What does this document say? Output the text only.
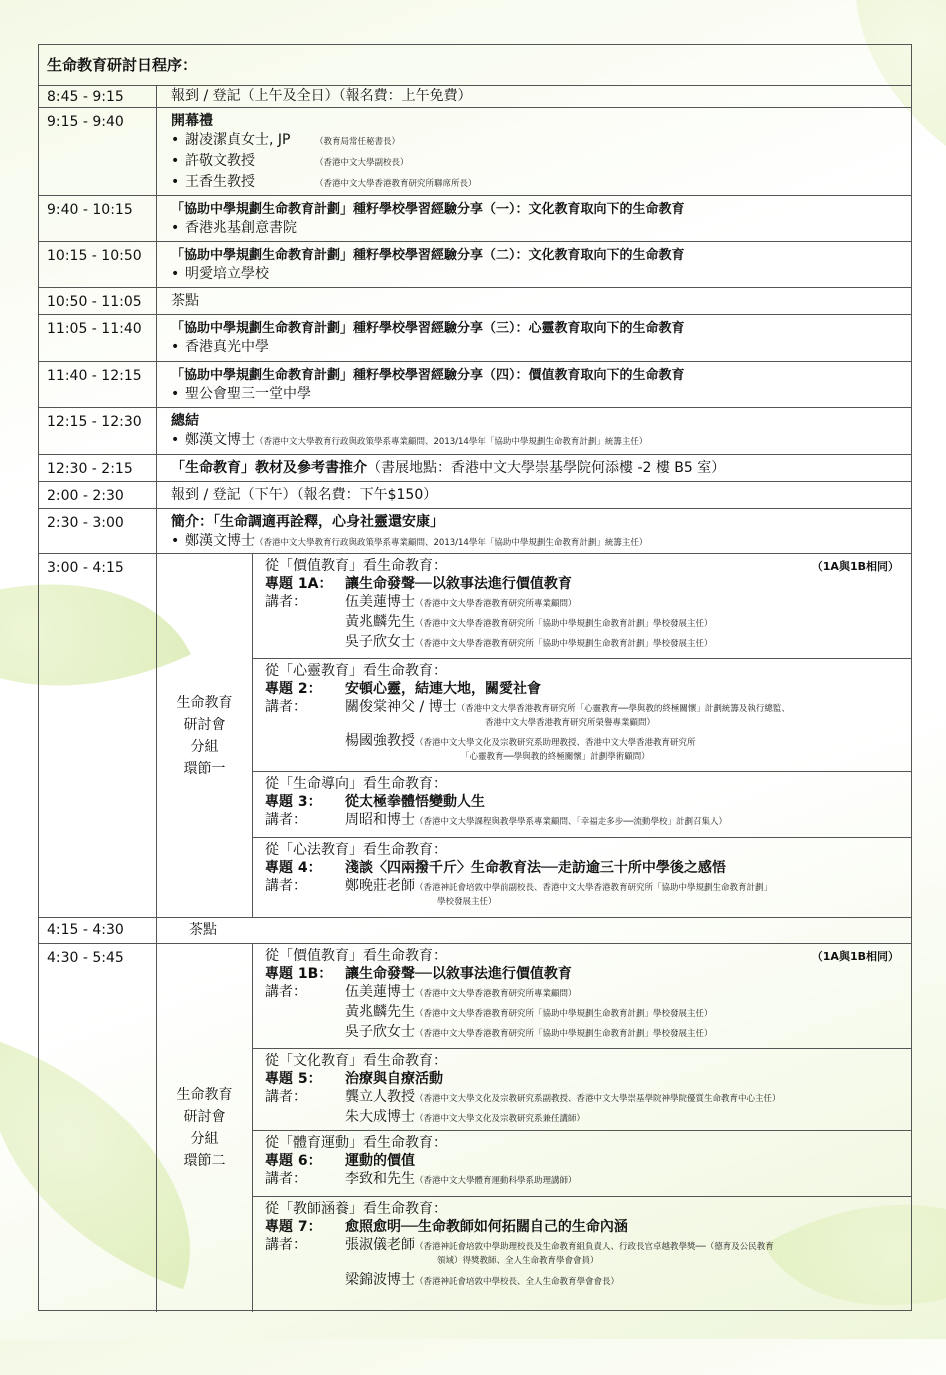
生命教育研討日程序：
8:45 - 9:15	報到 / 登記（上午及全日）（報名費：上午免費）
9:15 - 9:40	開幕禮
• 謝凌潔貞女士, JP	（教育局常任秘書長）
• 許敬文教授	（香港中文大學副校長）
• 王香生教授	（香港中文大學香港教育研究所聯席所長）
9:40 - 10:15	「協助中學規劃生命教育計劃」種籽學校學習經驗分享（一）：文化教育取向下的生命教育
• 香港兆基創意書院
10:15 - 10:50	「協助中學規劃生命教育計劃」種籽學校學習經驗分享（二）：文化教育取向下的生命教育
• 明愛培立學校
10:50 - 11:05	茶點
11:05 - 11:40	「協助中學規劃生命教育計劃」種籽學校學習經驗分享（三）：心靈教育取向下的生命教育
• 香港真光中學
11:40 - 12:15	「協助中學規劃生命教育計劃」種籽學校學習經驗分享（四）：價值教育取向下的生命教育
• 聖公會聖三一堂中學
12:15 - 12:30	總結
• 鄭漢文博士（香港中文大學教育行政與政策學系專業顧問、2013/14學年「協助中學規劃生命教育計劃」統籌主任）
12:30 - 2:15	「生命教育」教材及參考書推介（書展地點：香港中文大學崇基學院何添樓 -2 樓 B5 室）
2:00 - 2:30	報到 / 登記（下午）（報名費：下午$150）
2:30 - 3:00	簡介：「生命調適再詮釋，心身社靈還安康」
• 鄭漢文博士（香港中文大學教育行政與政策學系專業顧問、2013/14學年「協助中學規劃生命教育計劃」統籌主任）
3:00 - 4:15
生命教育
研討會
分組
環節一
從「價值教育」看生命教育：	（1A與1B相同）
專題 1A： 讓生命發聲──以敘事法進行價值教育
講者：	伍美蓮博士（香港中文大學香港教育研究所專業顧問）
黃兆麟先生（香港中文大學香港教育研究所「協助中學規劃生命教育計劃」學校發展主任）
吳子欣女士（香港中文大學香港教育研究所「協助中學規劃生命教育計劃」學校發展主任）
從「心靈教育」看生命教育：
專題 2： 安頓心靈，結連大地，關愛社會
講者：	關俊棠神父 / 博士（香港中文大學香港教育研究所「心靈教育──學與教的終極關懷」計劃統籌及執行總監、
香港中文大學香港教育研究所榮譽專業顧問）
楊國強教授（香港中文大學文化及宗教研究系助理教授、香港中文大學香港教育研究所
「心靈教育──學與教的終極關懷」計劃學術顧問）
從「生命導向」看生命教育：
專題 3： 從太極拳體悟變動人生
講者：	周昭和博士（香港中文大學課程與教學學系專業顧問、「幸福走多步──流動學校」計劃召集人）
從「心法教育」看生命教育：
專題 4： 淺談〈四兩撥千斤〉生命教育法──走訪逾三十所中學後之感悟
講者：	鄭晚莊老師（香港神託會培敦中學前副校長、香港中文大學香港教育研究所「協助中學規劃生命教育計劃」
學校發展主任）
4:15 - 4:30	茶點
4:30 - 5:45
生命教育
研討會
分組
環節二
從「價值教育」看生命教育：	（1A與1B相同）
專題 1B： 讓生命發聲──以敘事法進行價值教育
講者：	伍美蓮博士（香港中文大學香港教育研究所專業顧問）
黃兆麟先生（香港中文大學香港教育研究所「協助中學規劃生命教育計劃」學校發展主任）
吳子欣女士（香港中文大學香港教育研究所「協助中學規劃生命教育計劃」學校發展主任）
從「文化教育」看生命教育：
專題 5： 治療與自療活動
講者：	龔立人教授（香港中文大學文化及宗教研究系副教授、香港中文大學崇基學院神學院優質生命教育中心主任）
朱大成博士（香港中文大學文化及宗教研究系兼任講師）
從「體育運動」看生命教育：
專題 6： 運動的價值
講者：	李致和先生（香港中文大學體育運動科學系助理講師）
從「教師涵養」看生命教育：
專題 7： 愈照愈明──生命教師如何拓闊自己的生命內涵
講者：	張淑儀老師（香港神託會培敦中學助理校長及生命教育組負責人、行政長官卓越教學獎──（德育及公民教育
領域）得獎教師、全人生命教育學會會員）
梁錦波博士（香港神託會培敦中學校長、全人生命教育學會會長）
